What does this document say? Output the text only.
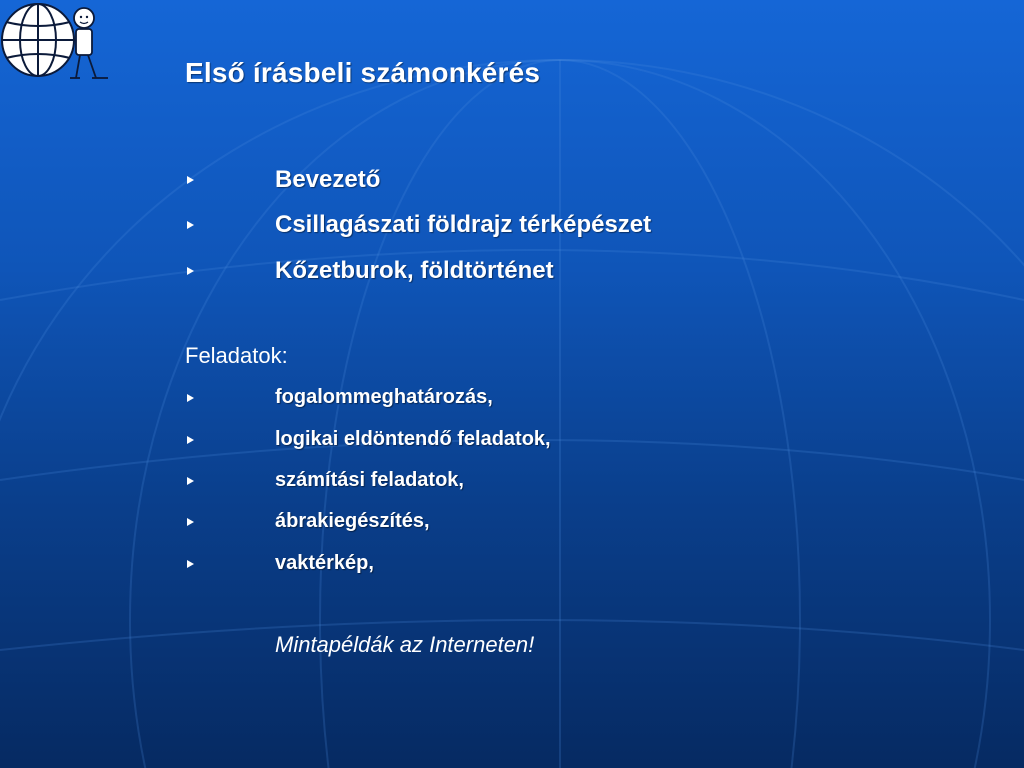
Első írásbeli számonkérés
Bevezető
Csillagászati földrajz térképészet
Kőzetburok, földtörténet
Feladatok:
fogalommeghatározás,
logikai eldöntendő feladatok,
számítási feladatok,
ábrakiegészítés,
vaktérkép,
Mintapéldák az Interneten!
